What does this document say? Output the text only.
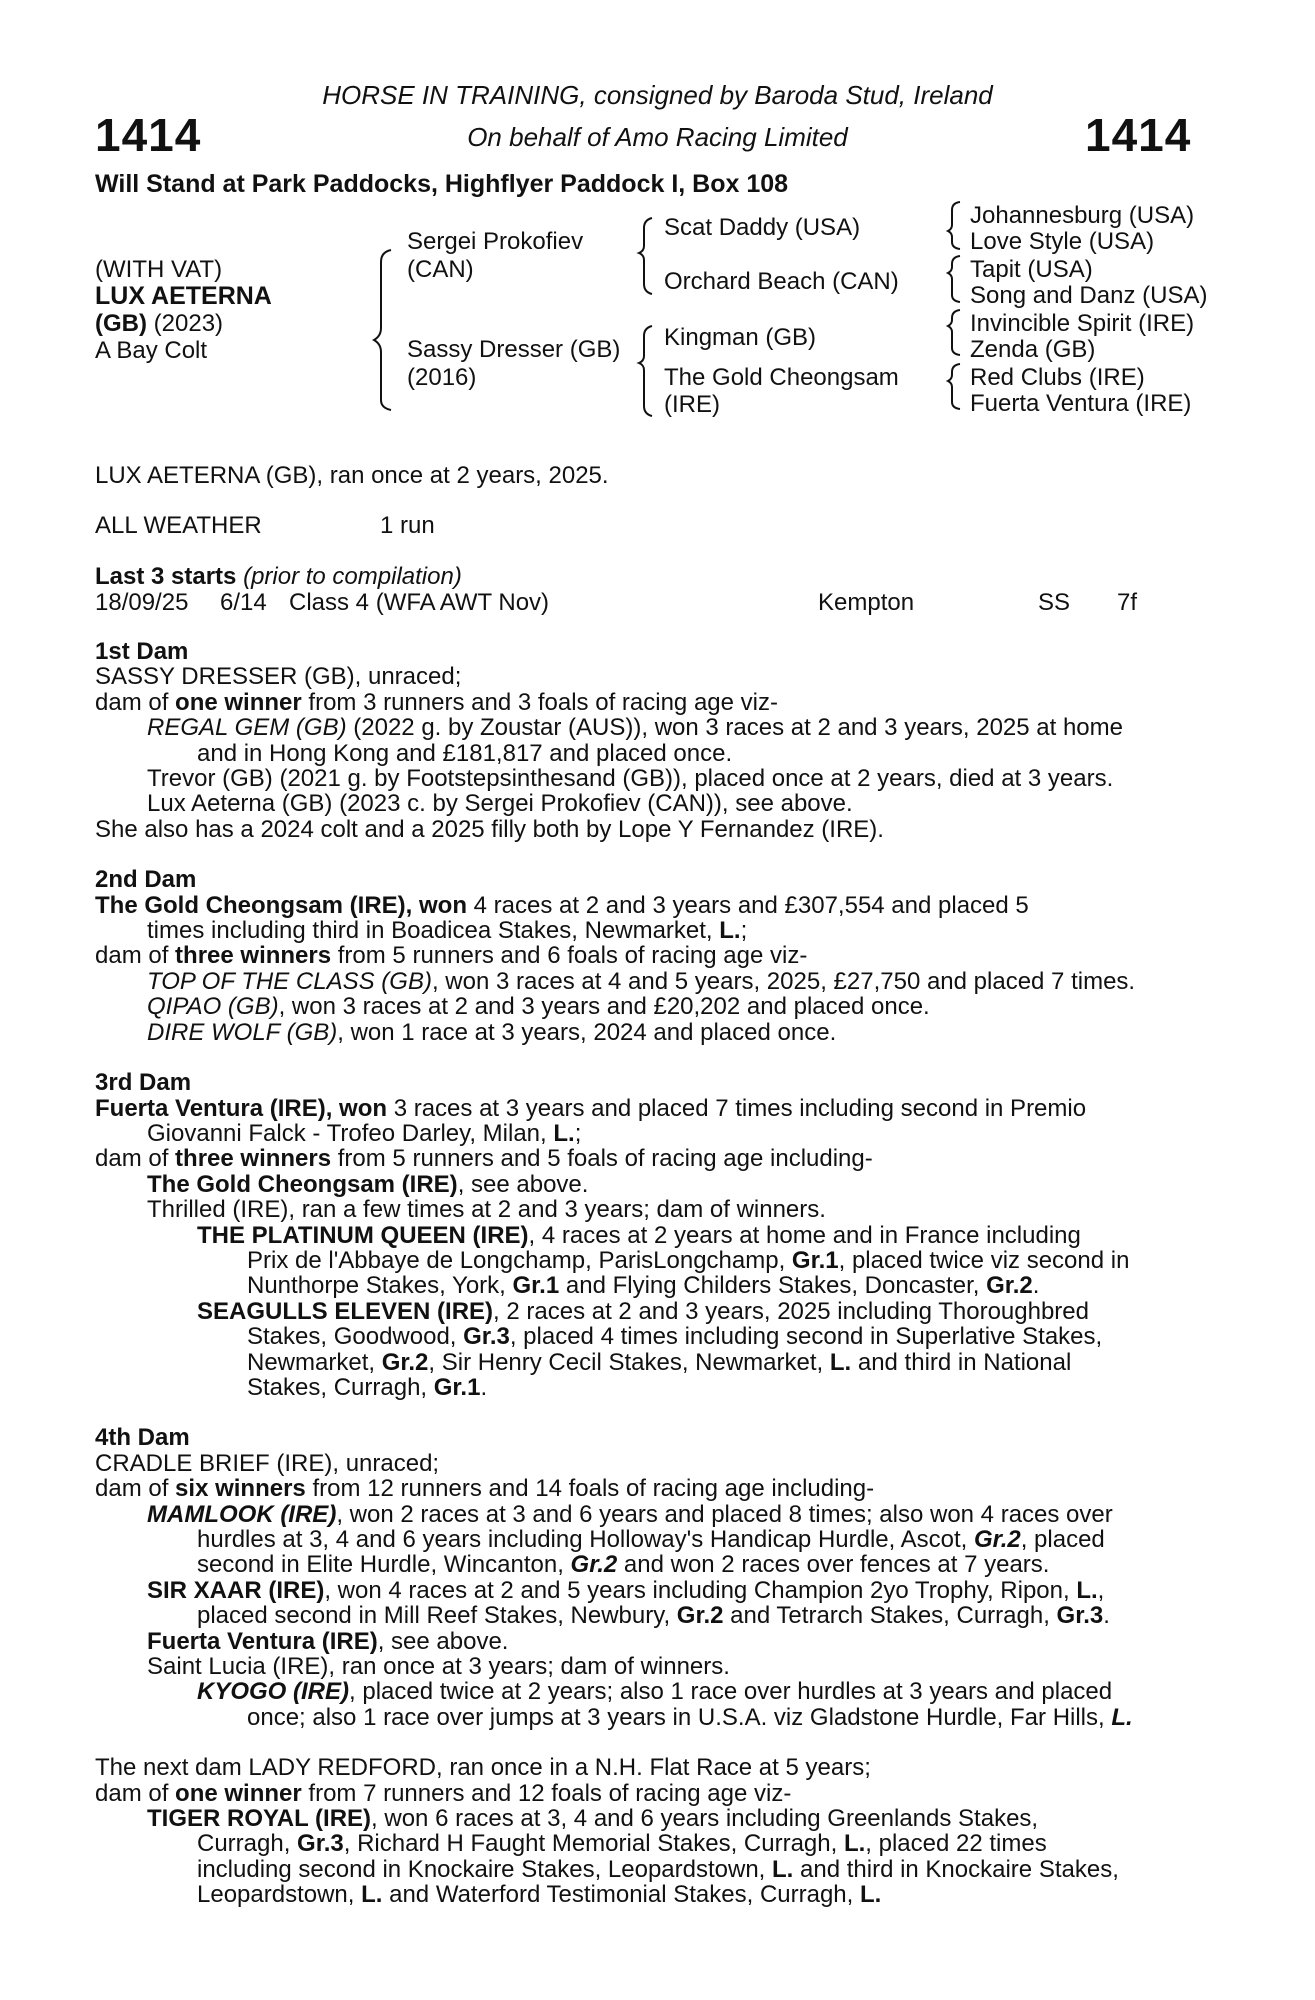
1414	1414
HORSE IN TRAINING, consigned by Baroda Stud, Ireland
On behalf of Amo Racing Limited
Will Stand at Park Paddocks, Highflyer Paddock I, Box 108
(WITH VAT)
LUX AETERNA
(GB) (2023)
A Bay Colt
Sergei Prokofiev
(CAN)
Sassy Dresser (GB)
(2016)
Scat Daddy (USA)
Orchard Beach (CAN)
Kingman (GB)
The Gold Cheongsam
(IRE)
Johannesburg (USA)
Love Style (USA)
Tapit (USA)
Song and Danz (USA)
Invincible Spirit (IRE)
Zenda (GB)
Red Clubs (IRE)
Fuerta Ventura (IRE)
LUX AETERNA (GB), ran once at 2 years, 2025.
ALL WEATHER	1 run
Last 3 starts (prior to compilation)
18/09/25 6/14 Class 4 (WFA AWT Nov)	Kempton	SS 7f
1st Dam
SASSY DRESSER (GB), unraced;
dam of one winner from 3 runners and 3 foals of racing age viz-
REGAL GEM (GB) (2022 g. by Zoustar (AUS)), won 3 races at 2 and 3 years, 2025 at home
and in Hong Kong and £181,817 and placed once.
Trevor (GB) (2021 g. by Footstepsinthesand (GB)), placed once at 2 years, died at 3 years.
Lux Aeterna (GB) (2023 c. by Sergei Prokofiev (CAN)), see above.
She also has a 2024 colt and a 2025 filly both by Lope Y Fernandez (IRE).
2nd Dam
The Gold Cheongsam (IRE), won 4 races at 2 and 3 years and £307,554 and placed 5
times including third in Boadicea Stakes, Newmarket, L.;
dam of three winners from 5 runners and 6 foals of racing age viz-
TOP OF THE CLASS (GB), won 3 races at 4 and 5 years, 2025, £27,750 and placed 7 times.
QIPAO (GB), won 3 races at 2 and 3 years and £20,202 and placed once.
DIRE WOLF (GB), won 1 race at 3 years, 2024 and placed once.
3rd Dam
Fuerta Ventura (IRE), won 3 races at 3 years and placed 7 times including second in Premio
Giovanni Falck - Trofeo Darley, Milan, L.;
dam of three winners from 5 runners and 5 foals of racing age including-
The Gold Cheongsam (IRE), see above.
Thrilled (IRE), ran a few times at 2 and 3 years; dam of winners.
THE PLATINUM QUEEN (IRE), 4 races at 2 years at home and in France including
Prix de l'Abbaye de Longchamp, ParisLongchamp, Gr.1, placed twice viz second in
Nunthorpe Stakes, York, Gr.1 and Flying Childers Stakes, Doncaster, Gr.2.
SEAGULLS ELEVEN (IRE), 2 races at 2 and 3 years, 2025 including Thoroughbred
Stakes, Goodwood, Gr.3, placed 4 times including second in Superlative Stakes,
Newmarket, Gr.2, Sir Henry Cecil Stakes, Newmarket, L. and third in National
Stakes, Curragh, Gr.1.
4th Dam
CRADLE BRIEF (IRE), unraced;
dam of six winners from 12 runners and 14 foals of racing age including-
MAMLOOK (IRE), won 2 races at 3 and 6 years and placed 8 times; also won 4 races over
hurdles at 3, 4 and 6 years including Holloway's Handicap Hurdle, Ascot, Gr.2, placed
second in Elite Hurdle, Wincanton, Gr.2 and won 2 races over fences at 7 years.
SIR XAAR (IRE), won 4 races at 2 and 5 years including Champion 2yo Trophy, Ripon, L.,
placed second in Mill Reef Stakes, Newbury, Gr.2 and Tetrarch Stakes, Curragh, Gr.3.
Fuerta Ventura (IRE), see above.
Saint Lucia (IRE), ran once at 3 years; dam of winners.
KYOGO (IRE), placed twice at 2 years; also 1 race over hurdles at 3 years and placed
once; also 1 race over jumps at 3 years in U.S.A. viz Gladstone Hurdle, Far Hills, L.
The next dam LADY REDFORD, ran once in a N.H. Flat Race at 5 years;
dam of one winner from 7 runners and 12 foals of racing age viz-
TIGER ROYAL (IRE), won 6 races at 3, 4 and 6 years including Greenlands Stakes,
Curragh, Gr.3, Richard H Faught Memorial Stakes, Curragh, L., placed 22 times
including second in Knockaire Stakes, Leopardstown, L. and third in Knockaire Stakes,
Leopardstown, L. and Waterford Testimonial Stakes, Curragh, L.
